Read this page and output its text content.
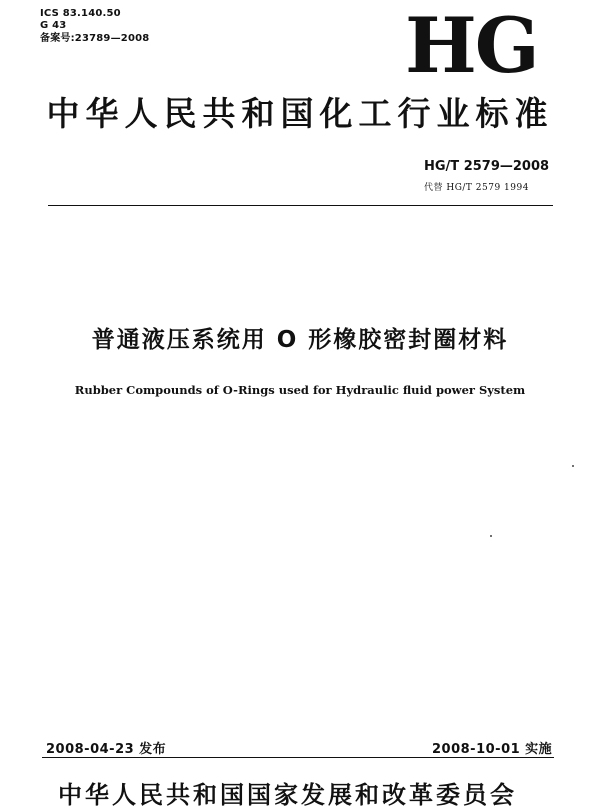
ICS 83.140.50
G 43
备案号:23789—2008	HG
中华人民共和国化工行业标准
HG/T 2579—2008
代替 HG/T 2579 1994
普通液压系统用 O 形橡胶密封圈材料
Rubber Compounds of O-Rings used for Hydraulic fluid power System
2008-04-23 发布	2008-10-01 实施
中华人民共和国国家发展和改革委员会
